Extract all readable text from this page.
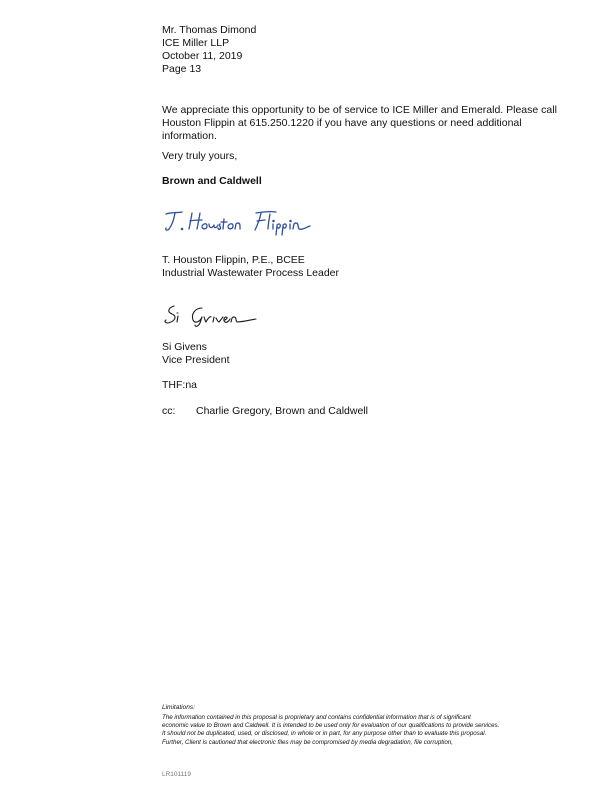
Mr. Thomas Dimond
ICE Miller LLP
October 11, 2019
Page 13
We appreciate this opportunity to be of service to ICE Miller and Emerald. Please call Houston Flippin at 615.250.1220 if you have any questions or need additional information.
Very truly yours,
Brown and Caldwell
T. Houston Flippin, P.E., BCEE
Industrial Wastewater Process Leader
Si Givens
Vice President
THF:na
cc: Charlie Gregory, Brown and Caldwell
Limitations:
The information contained in this proposal is proprietary and contains confidential information that is of significant
economic value to Brown and Caldwell. It is intended to be used only for evaluation of our qualifications to provide services.
It should not be duplicated, used, or disclosed, in whole or in part, for any purpose other than to evaluate this proposal.
Further, Client is cautioned that electronic files may be compromised by media degradation, file corruption,
LR101119
